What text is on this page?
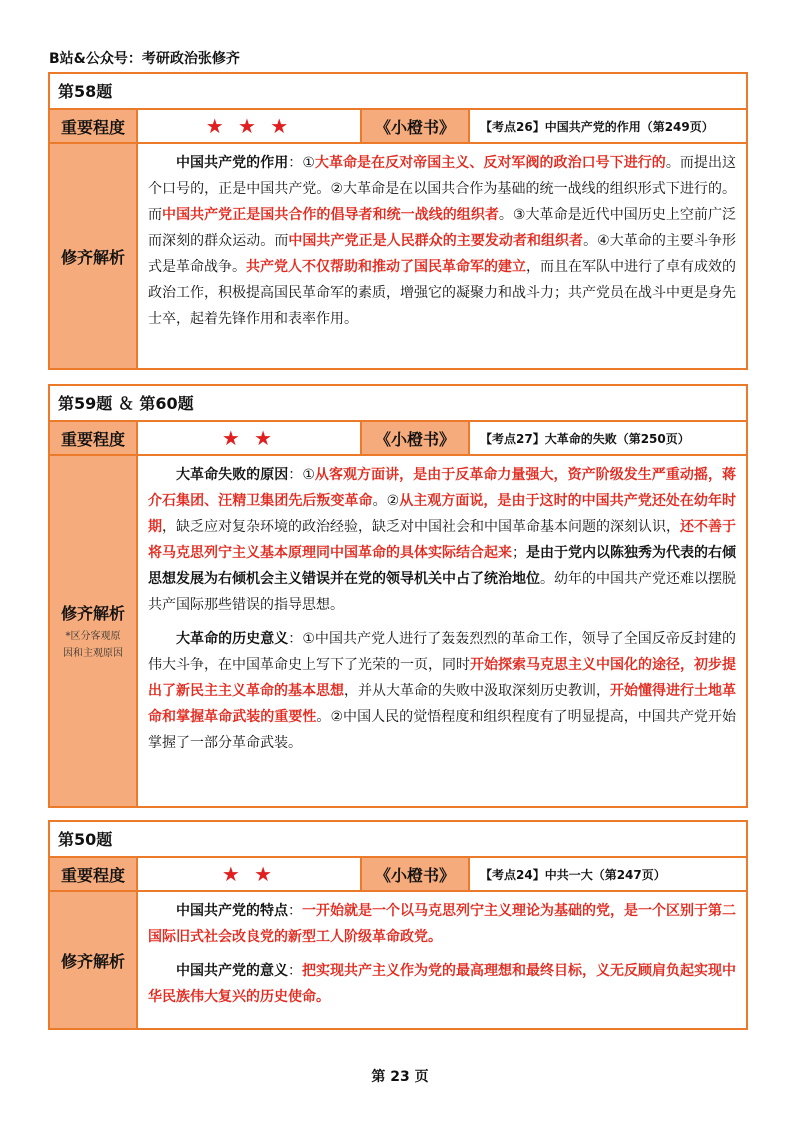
B站&公众号：考研政治张修齐
第58题
重要程度	★ ★ ★	《小橙书》	【考点26】中国共产党的作用（第249页）
修齐解析

中国共产党的作用：①大革命是在反对帝国主义、反对军阀的政治口号下进行的。而提出这个口号的，正是中国共产党。②大革命是在以国共合作为基础的统一战线的组织形式下进行的。而中国共产党正是国共合作的倡导者和统一战线的组织者。③大革命是近代中国历史上空前广泛而深刻的群众运动。而中国共产党正是人民群众的主要发动者和组织者。④大革命的主要斗争形式是革命战争。共产党人不仅帮助和推动了国民革命军的建立，而且在军队中进行了卓有成效的政治工作，积极提高国民革命军的素质，增强它的凝聚力和战斗力；共产党员在战斗中更是身先士卒，起着先锋作用和表率作用。

第59题 ＆ 第60题
重要程度	★ ★	《小橙书》	【考点27】大革命的失败（第250页）
修齐解析
*区分客观原因和主观原因

大革命失败的原因：①从客观方面讲，是由于反革命力量强大，资产阶级发生严重动摇，蒋介石集团、汪精卫集团先后叛变革命。②从主观方面说，是由于这时的中国共产党还处在幼年时期，缺乏应对复杂环境的政治经验，缺乏对中国社会和中国革命基本问题的深刻认识，还不善于将马克思列宁主义基本原理同中国革命的具体实际结合起来；是由于党内以陈独秀为代表的右倾思想发展为右倾机会主义错误并在党的领导机关中占了统治地位。幼年的中国共产党还难以摆脱共产国际那些错误的指导思想。

大革命的历史意义：①中国共产党人进行了轰轰烈烈的革命工作，领导了全国反帝反封建的伟大斗争，在中国革命史上写下了光荣的一页，同时开始探索马克思主义中国化的途径，初步提出了新民主主义革命的基本思想，并从大革命的失败中汲取深刻历史教训，开始懂得进行土地革命和掌握革命武装的重要性。②中国人民的觉悟程度和组织程度有了明显提高，中国共产党开始掌握了一部分革命武装。

第50题
重要程度	★ ★	《小橙书》	【考点24】中共一大（第247页）
修齐解析

中国共产党的特点：一开始就是一个以马克思列宁主义理论为基础的党，是一个区别于第二国际旧式社会改良党的新型工人阶级革命政党。

中国共产党的意义：把实现共产主义作为党的最高理想和最终目标，义无反顾肩负起实现中华民族伟大复兴的历史使命。

第 23 页
